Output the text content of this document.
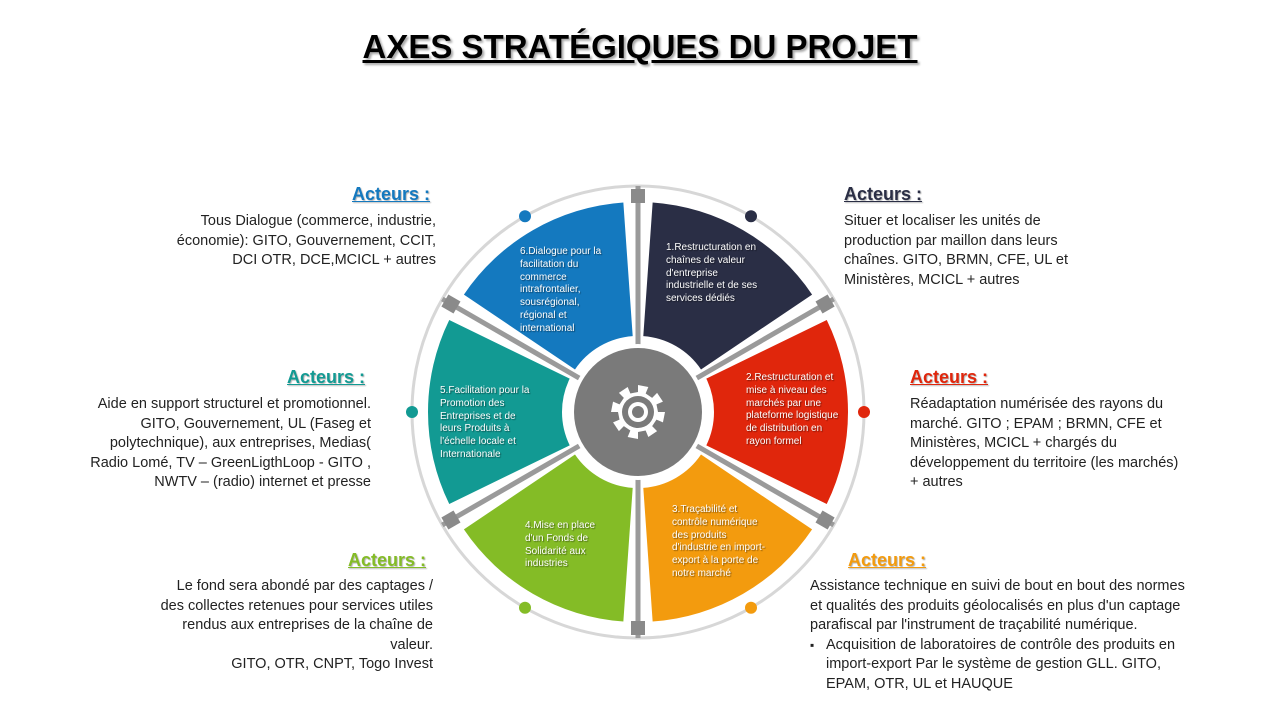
AXES STRATÉGIQUES DU PROJET
1.Restructuration en chaînes de valeur d'entreprise industrielle et de ses services dédiés
2.Restructuration et mise à niveau des marchés par une plateforme logistique de distribution en rayon formel
3.Traçabilité et contrôle numérique des produits d'industrie en import-export à la porte de notre marché
4.Mise en place d'un Fonds de Solidarité aux industries
5.Facilitation pour la Promotion des Entreprises et de leurs Produits à l'échelle locale et Internationale
6.Dialogue pour la facilitation du commerce intrafrontalier, sousrégional, régional et international
Acteurs :
Situer et localiser les unités de production par maillon dans leurs chaînes. GITO, BRMN, CFE, UL et Ministères, MCICL + autres
Acteurs :
Réadaptation numérisée des rayons du marché. GITO ; EPAM ; BRMN, CFE et Ministères, MCICL + chargés du développement du territoire (les marchés) + autres
Acteurs :
Assistance technique en suivi de bout en bout des normes et qualités des produits géolocalisés en plus d'un captage parafiscal par l'instrument de traçabilité numérique.
▪ Acquisition de laboratoires de contrôle des produits en import-export Par le système de gestion GLL. GITO, EPAM, OTR, UL et HAUQUE
Acteurs :
Le fond sera abondé par des captages / des collectes retenues pour services utiles rendus aux entreprises de la chaîne de valeur.
GITO, OTR, CNPT, Togo Invest
Acteurs :
Aide en support structurel et promotionnel. GITO, Gouvernement, UL (Faseg et polytechnique), aux entreprises, Medias( Radio Lomé, TV – GreenLigthLoop - GITO , NWTV – (radio) internet et presse
Acteurs :
Tous Dialogue (commerce, industrie, économie): GITO, Gouvernement, CCIT, DCI OTR, DCE,MCICL + autres
